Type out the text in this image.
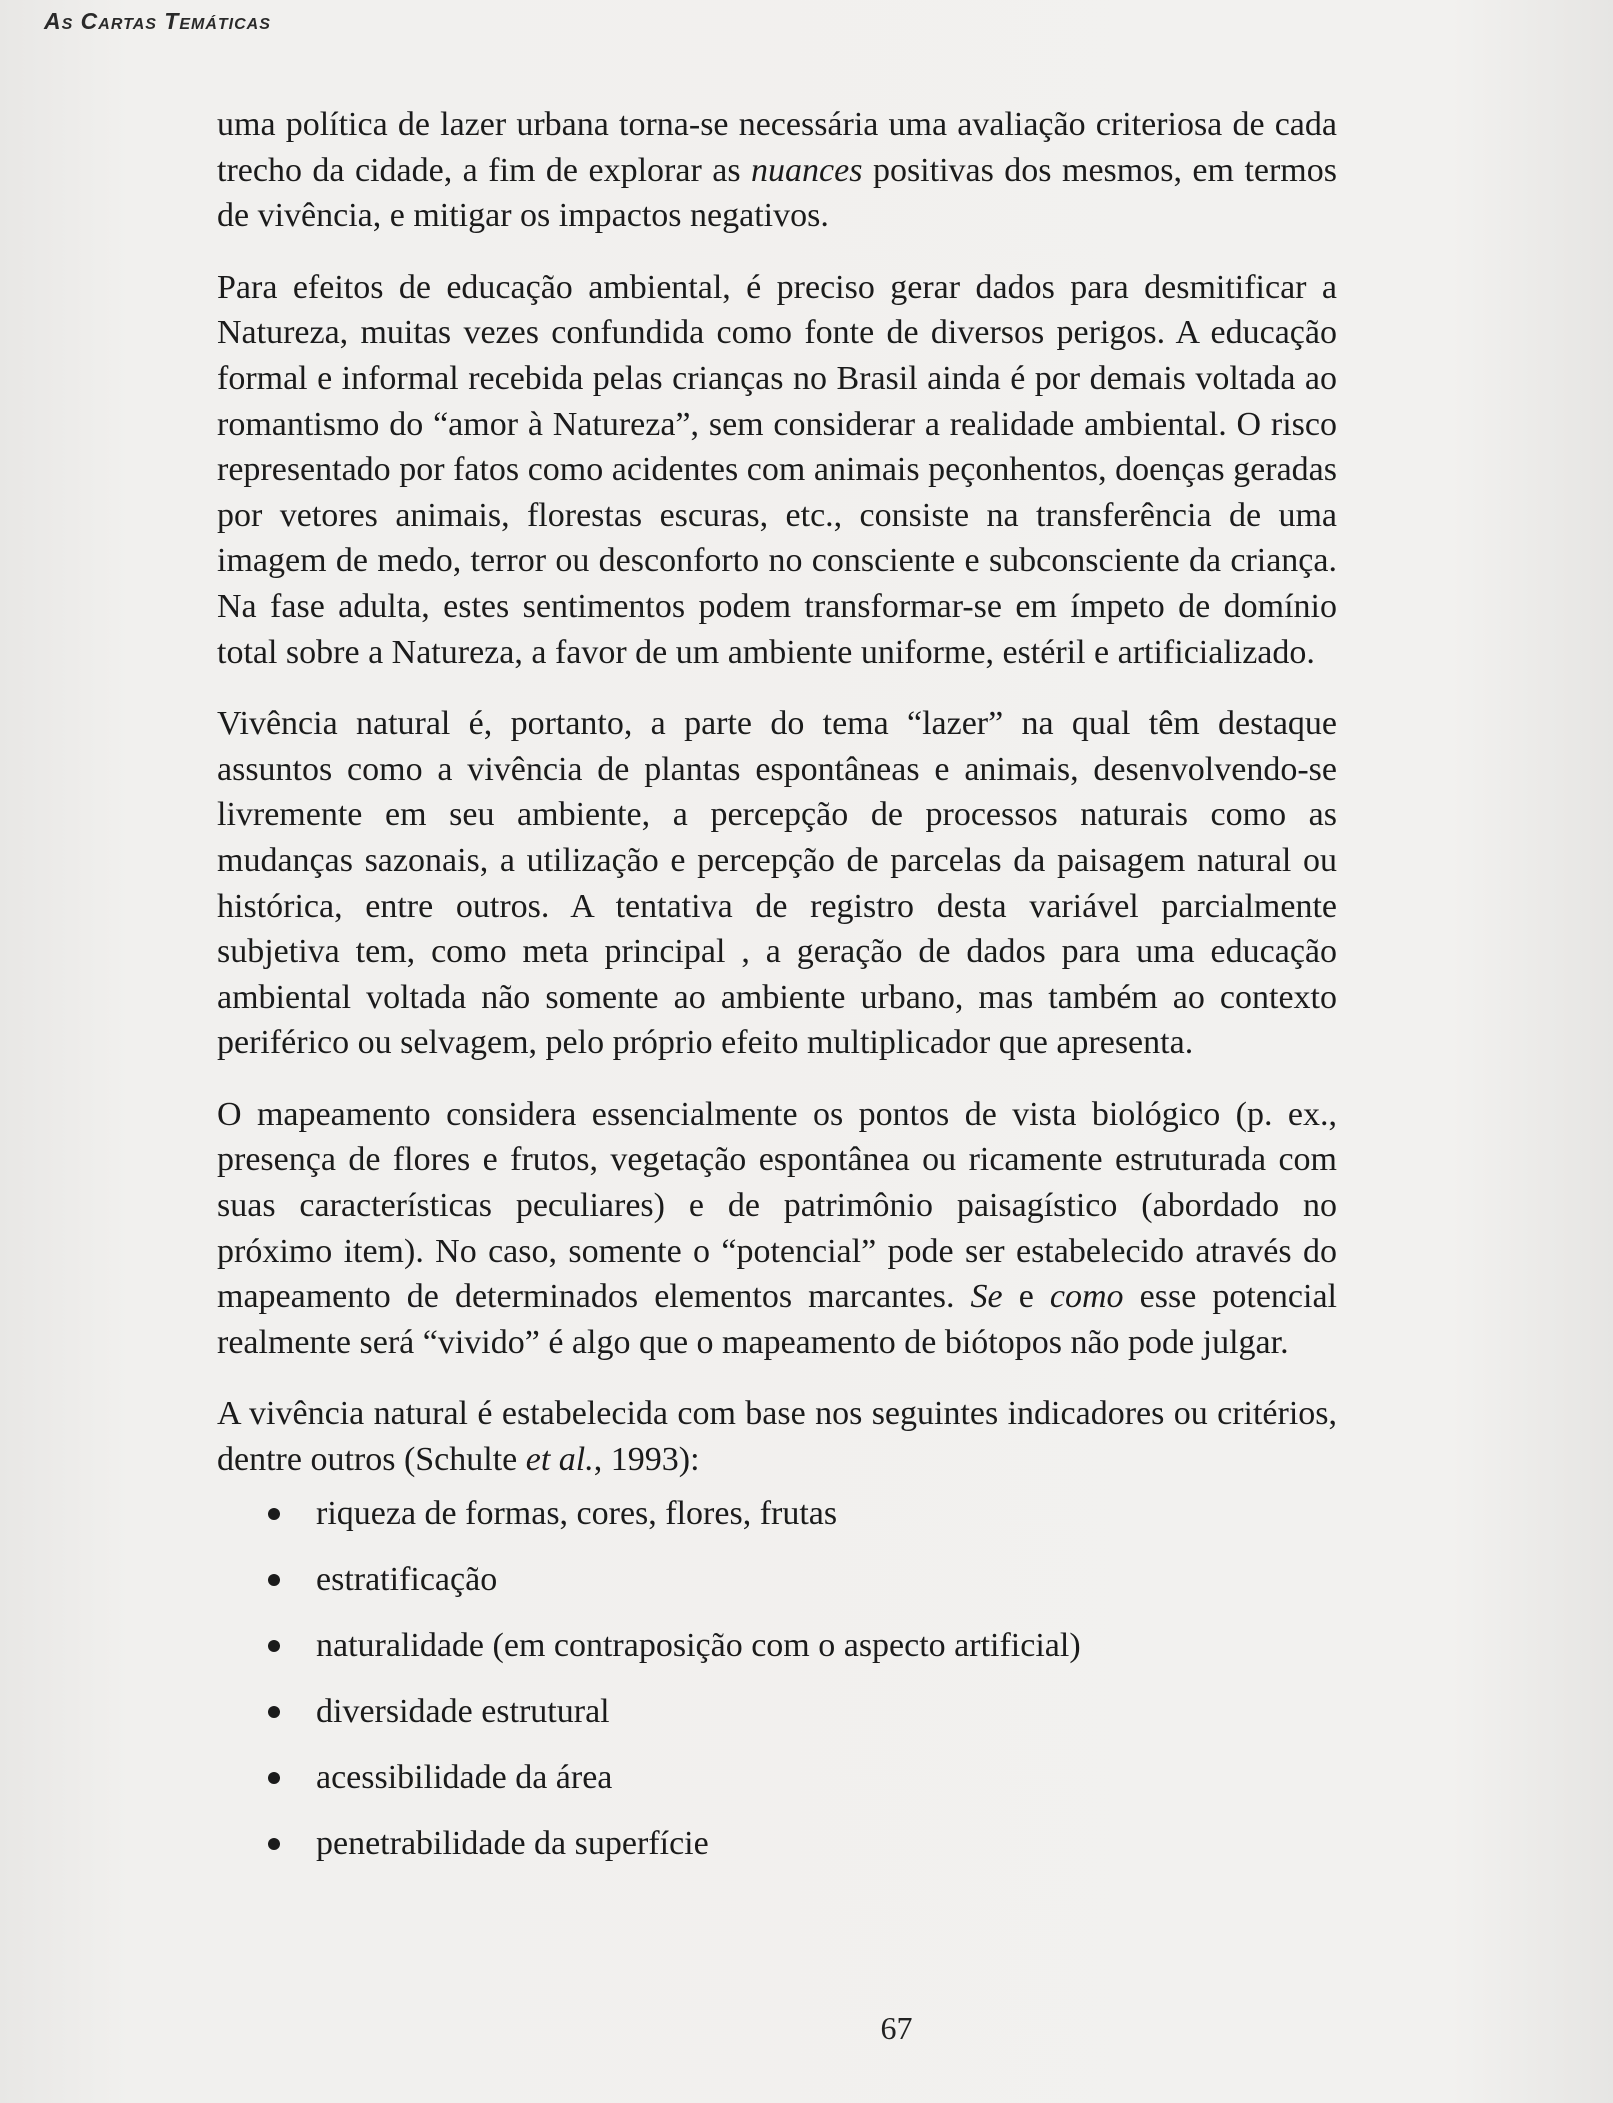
As Cartas Temáticas

uma política de lazer urbana torna-se necessária uma avaliação criteriosa de cada trecho da cidade, a fim de explorar as nuances positivas dos mesmos, em termos de vivência, e mitigar os impactos negativos.

Para efeitos de educação ambiental, é preciso gerar dados para desmitificar a Natureza, muitas vezes confundida como fonte de diversos perigos. A educação formal e informal recebida pelas crianças no Brasil ainda é por demais voltada ao romantismo do “amor à Natureza”, sem considerar a realidade ambiental. O risco representado por fatos como acidentes com animais peçonhentos, doenças geradas por vetores animais, florestas escuras, etc., consiste na transferência de uma imagem de medo, terror ou desconforto no consciente e subconsciente da criança. Na fase adulta, estes sentimentos podem transformar-se em ímpeto de domínio total sobre a Natureza, a favor de um ambiente uniforme, estéril e artificializado.

Vivência natural é, portanto, a parte do tema “lazer” na qual têm destaque assuntos como a vivência de plantas espontâneas e animais, desenvolvendo-se livremente em seu ambiente, a percepção de processos naturais como as mudanças sazonais, a utilização e percepção de parcelas da paisagem natural ou histórica, entre outros. A tentativa de registro desta variável parcialmente subjetiva tem, como meta principal , a geração de dados para uma educação ambiental voltada não somente ao ambiente urbano, mas também ao contexto periférico ou selvagem, pelo próprio efeito multiplicador que apresenta.

O mapeamento considera essencialmente os pontos de vista biológico (p. ex., presença de flores e frutos, vegetação espontânea ou ricamente estruturada com suas características peculiares) e de patrimônio paisagístico (abordado no próximo item). No caso, somente o “potencial” pode ser estabelecido através do mapeamento de determinados elementos marcantes. Se e como esse potencial realmente será “vivido” é algo que o mapeamento de biótopos não pode julgar.

A vivência natural é estabelecida com base nos seguintes indicadores ou critérios, dentre outros (Schulte et al., 1993):

riqueza de formas, cores, flores, frutas
estratificação
naturalidade (em contraposição com o aspecto artificial)
diversidade estrutural
acessibilidade da área
penetrabilidade da superfície
67
